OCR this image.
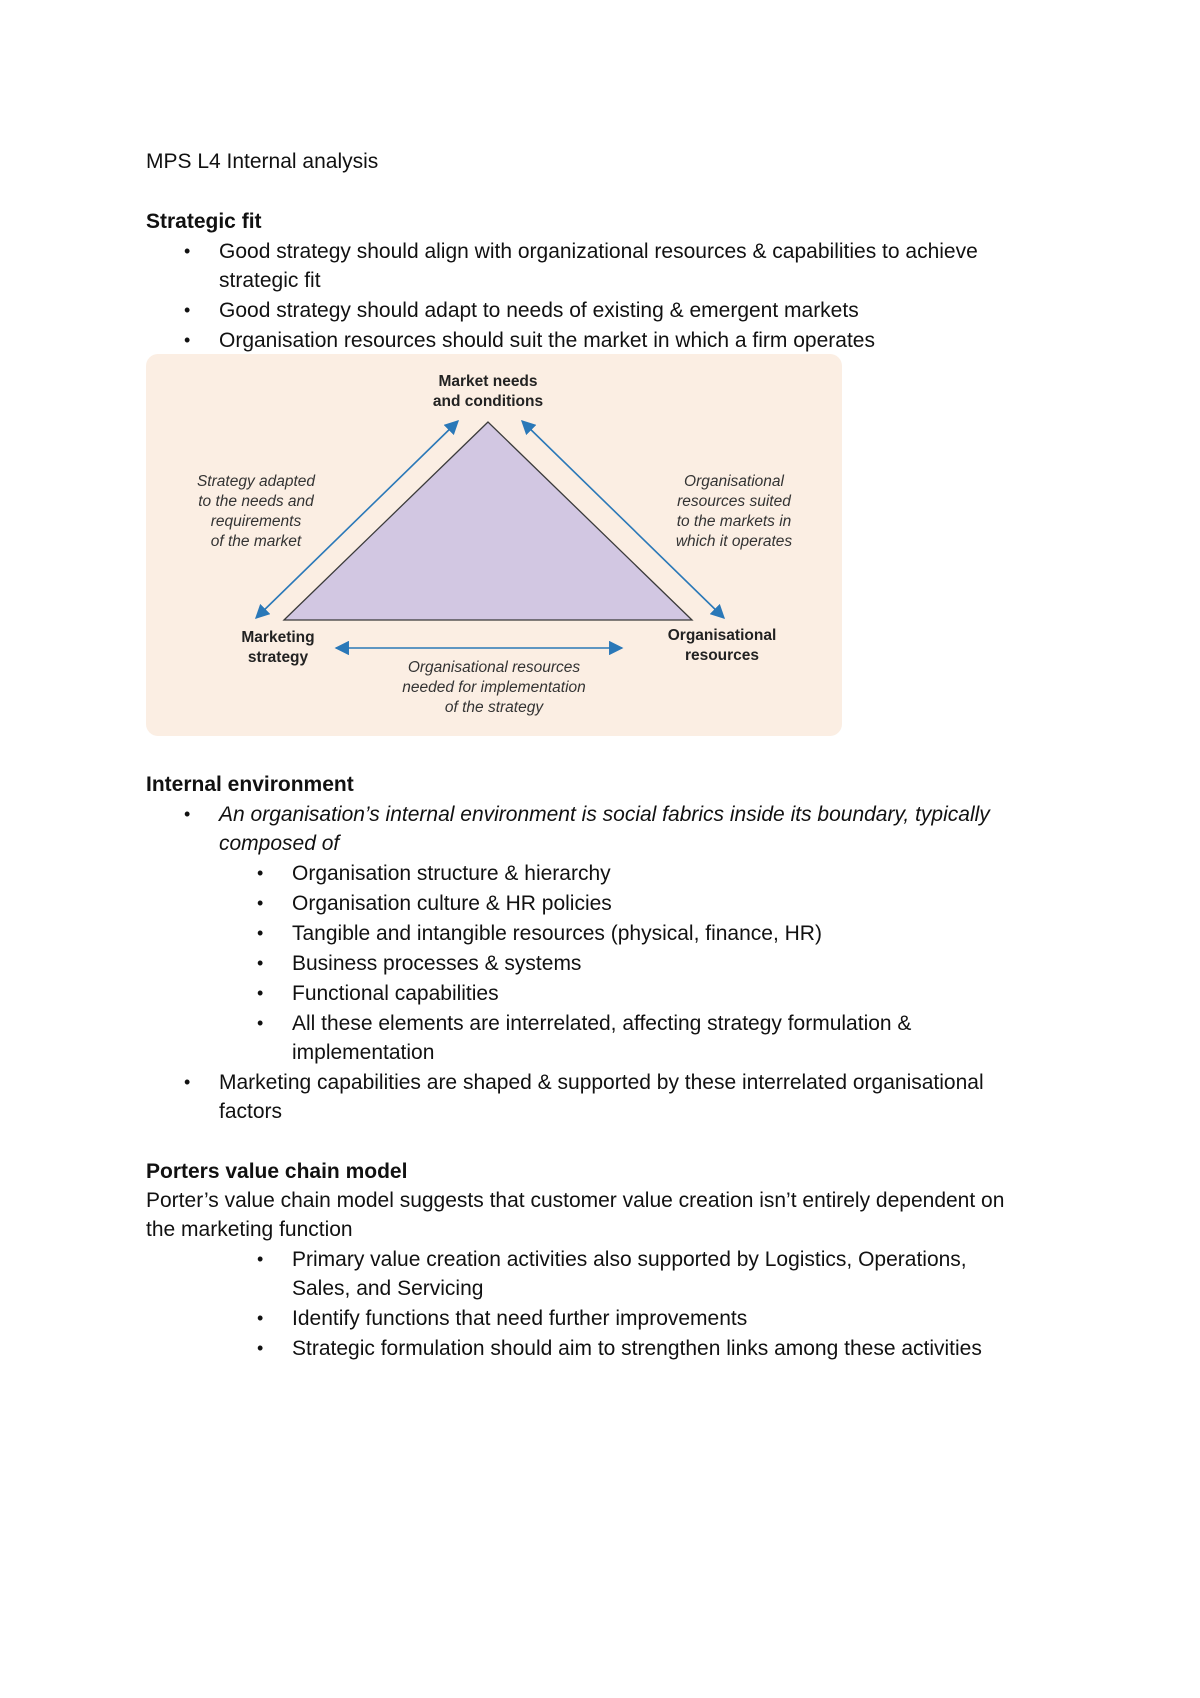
MPS L4 Internal analysis
Strategic fit
• Good strategy should align with organizational resources & capabilities to achieve
strategic fit
• Good strategy should adapt to needs of existing & emergent markets
• Organisation resources should suit the market in which a firm operates
Market needs
and conditions
Marketing
strategy
Organisational
resources
Strategy adapted
to the needs and
requirements
of the market
Organisational
resources suited
to the markets in
which it operates
Organisational resources
needed for implementation
of the strategy
Internal environment
• An organisation’s internal environment is social fabrics inside its boundary, typically
composed of
• Organisation structure & hierarchy
• Organisation culture & HR policies
• Tangible and intangible resources (physical, finance, HR)
• Business processes & systems
• Functional capabilities
• All these elements are interrelated, affecting strategy formulation &
implementation
• Marketing capabilities are shaped & supported by these interrelated organisational
factors
Porters value chain model
Porter’s value chain model suggests that customer value creation isn’t entirely dependent on
the marketing function
• Primary value creation activities also supported by Logistics, Operations,
Sales, and Servicing
• Identify functions that need further improvements
• Strategic formulation should aim to strengthen links among these activities
